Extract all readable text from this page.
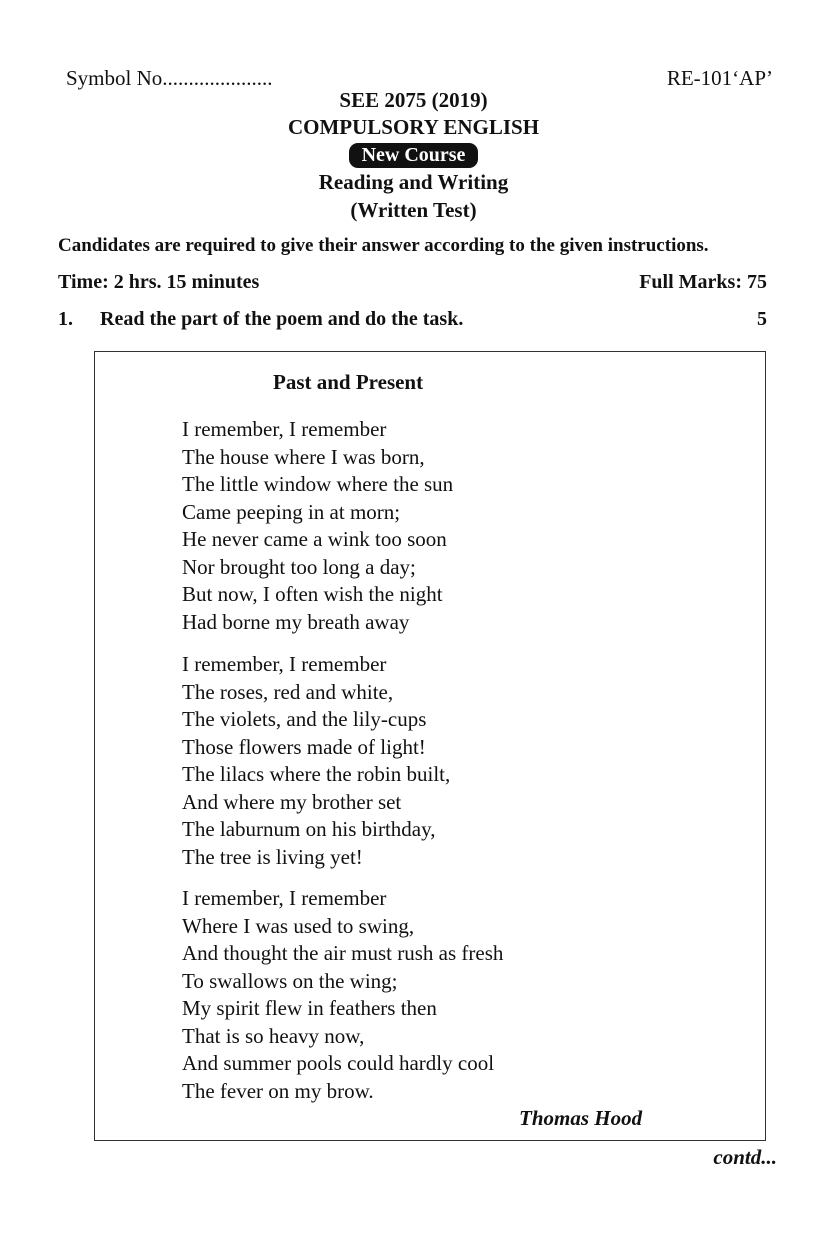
Symbol No.....................	RE-101‘AP’
SEE 2075 (2019)
COMPULSORY ENGLISH
New Course
Reading and Writing
(Written Test)
Candidates are required to give their answer according to the given instructions.
Time: 2 hrs. 15 minutes	Full Marks: 75
1. Read the part of the poem and do the task.	5
Past and Present
I remember, I remember
The house where I was born,
The little window where the sun
Came peeping in at morn;
He never came a wink too soon
Nor brought too long a day;
But now, I often wish the night
Had borne my breath away
I remember, I remember
The roses, red and white,
The violets, and the lily-cups
Those flowers made of light!
The lilacs where the robin built,
And where my brother set
The laburnum on his birthday,
The tree is living yet!
I remember, I remember
Where I was used to swing,
And thought the air must rush as fresh
To swallows on the wing;
My spirit flew in feathers then
That is so heavy now,
And summer pools could hardly cool
The fever on my brow.
Thomas Hood
contd...
